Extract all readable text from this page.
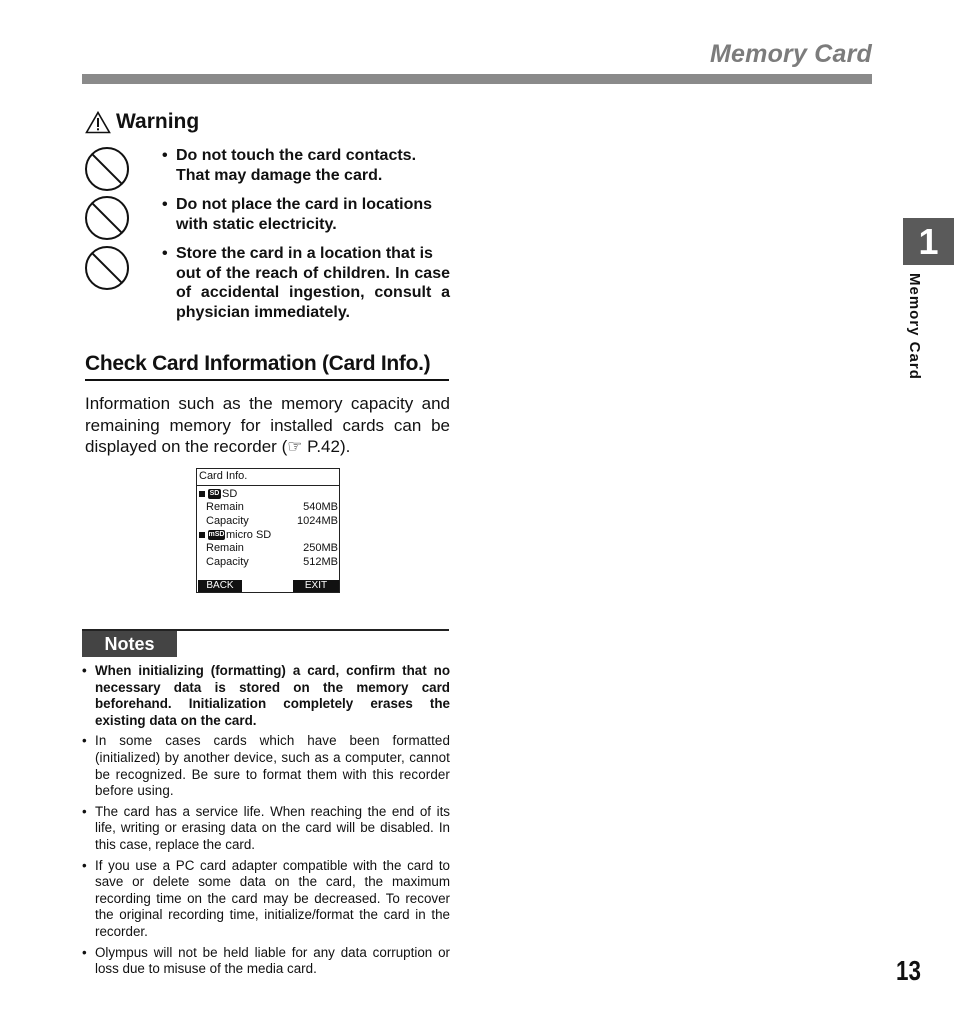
Memory Card
Warning
• Do not touch the card contacts.
That may damage the card.
• Do not place the card in locations
with static electricity.
• Store the card in a location that is
out of the reach of children. In case of accidental ingestion, consult a physician immediately.
Check Card Information (Card Info.)
Information such as the memory capacity and remaining memory for installed cards can be displayed on the recorder (☞ P.42).
Card Info.
SD SD
Remain	540MB
Capacity	1024MB
mSD micro SD
Remain	250MB
Capacity	512MB
BACK	EXIT
Notes
• When initializing (formatting) a card, confirm that no necessary data is stored on the memory card beforehand. Initialization completely erases the existing data on the card.
• In some cases cards which have been formatted (initialized) by another device, such as a computer, cannot be recognized. Be sure to format them with this recorder before using.
• The card has a service life. When reaching the end of its life, writing or erasing data on the card will be disabled. In this case, replace the card.
• If you use a PC card adapter compatible with the card to save or delete some data on the card, the maximum recording time on the card may be decreased. To recover the original recording time, initialize/format the card in the recorder.
• Olympus will not be held liable for any data corruption or loss due to misuse of the media card.
1
Memory Card
13
